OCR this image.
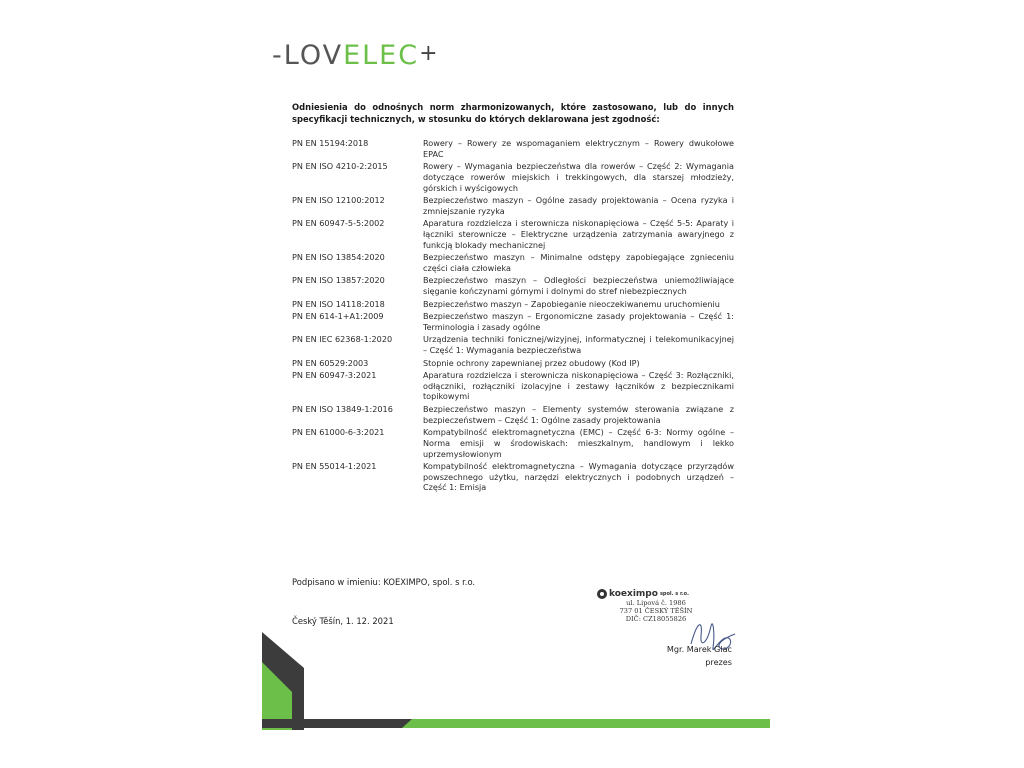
-LOVELEC+
Odniesienia do odnośnych norm zharmonizowanych, które zastosowano, lub do innych specyfikacji technicznych, w stosunku do których deklarowana jest zgodność:
PN EN 15194:2018	Rowery – Rowery ze wspomaganiem elektrycznym – Rowery dwukołowe EPAC
PN EN ISO 4210-2:2015	Rowery – Wymagania bezpieczeństwa dla rowerów – Część 2: Wymagania dotyczące rowerów miejskich i trekkingowych, dla starszej młodzieży, górskich i wyścigowych
PN EN ISO 12100:2012	Bezpieczeństwo maszyn – Ogólne zasady projektowania – Ocena ryzyka i zmniejszanie ryzyka
PN EN 60947-5-5:2002	Aparatura rozdzielcza i sterownicza niskonapięciowa – Część 5-5: Aparaty i łączniki sterownicze – Elektryczne urządzenia zatrzymania awaryjnego z funkcją blokady mechanicznej
PN EN ISO 13854:2020	Bezpieczeństwo maszyn – Minimalne odstępy zapobiegające zgnieceniu części ciała człowieka
PN EN ISO 13857:2020	Bezpieczeństwo maszyn – Odległości bezpieczeństwa uniemożliwiające sięganie kończynami górnymi i dolnymi do stref niebezpiecznych
PN EN ISO 14118:2018	Bezpieczeństwo maszyn – Zapobieganie nieoczekiwanemu uruchomieniu
PN EN 614-1+A1:2009	Bezpieczeństwo maszyn – Ergonomiczne zasady projektowania – Część 1: Terminologia i zasady ogólne
PN EN IEC 62368-1:2020	Urządzenia techniki fonicznej/wizyjnej, informatycznej i telekomunikacyjnej – Część 1: Wymagania bezpieczeństwa
PN EN 60529:2003	Stopnie ochrony zapewnianej przez obudowy (Kod IP)
PN EN 60947-3:2021	Aparatura rozdzielcza i sterownicza niskonapięciowa – Część 3: Rozłączniki, odłączniki, rozłączniki izolacyjne i zestawy łączników z bezpiecznikami topikowymi
PN EN ISO 13849-1:2016	Bezpieczeństwo maszyn – Elementy systemów sterowania związane z bezpieczeństwem – Część 1: Ogólne zasady projektowania
PN EN 61000-6-3:2021	Kompatybilność elektromagnetyczna (EMC) – Część 6-3: Normy ogólne – Norma emisji w środowiskach: mieszkalnym, handlowym i lekko uprzemysłowionym
PN EN 55014-1:2021	Kompatybilność elektromagnetyczna – Wymagania dotyczące przyrządów powszechnego użytku, narzędzi elektrycznych i podobnych urządzeń – Część 1: Emisja
Podpisano w imieniu: KOEXIMPO, spol. s r.o.
Český Těšín, 1. 12. 2021
koeximpo spol. s r.o.
ul. Lipová č. 1986
737 01 ČESKÝ TĚŠÍN
DIČ: CZ18055826
Mgr. Marek Glac
prezes
